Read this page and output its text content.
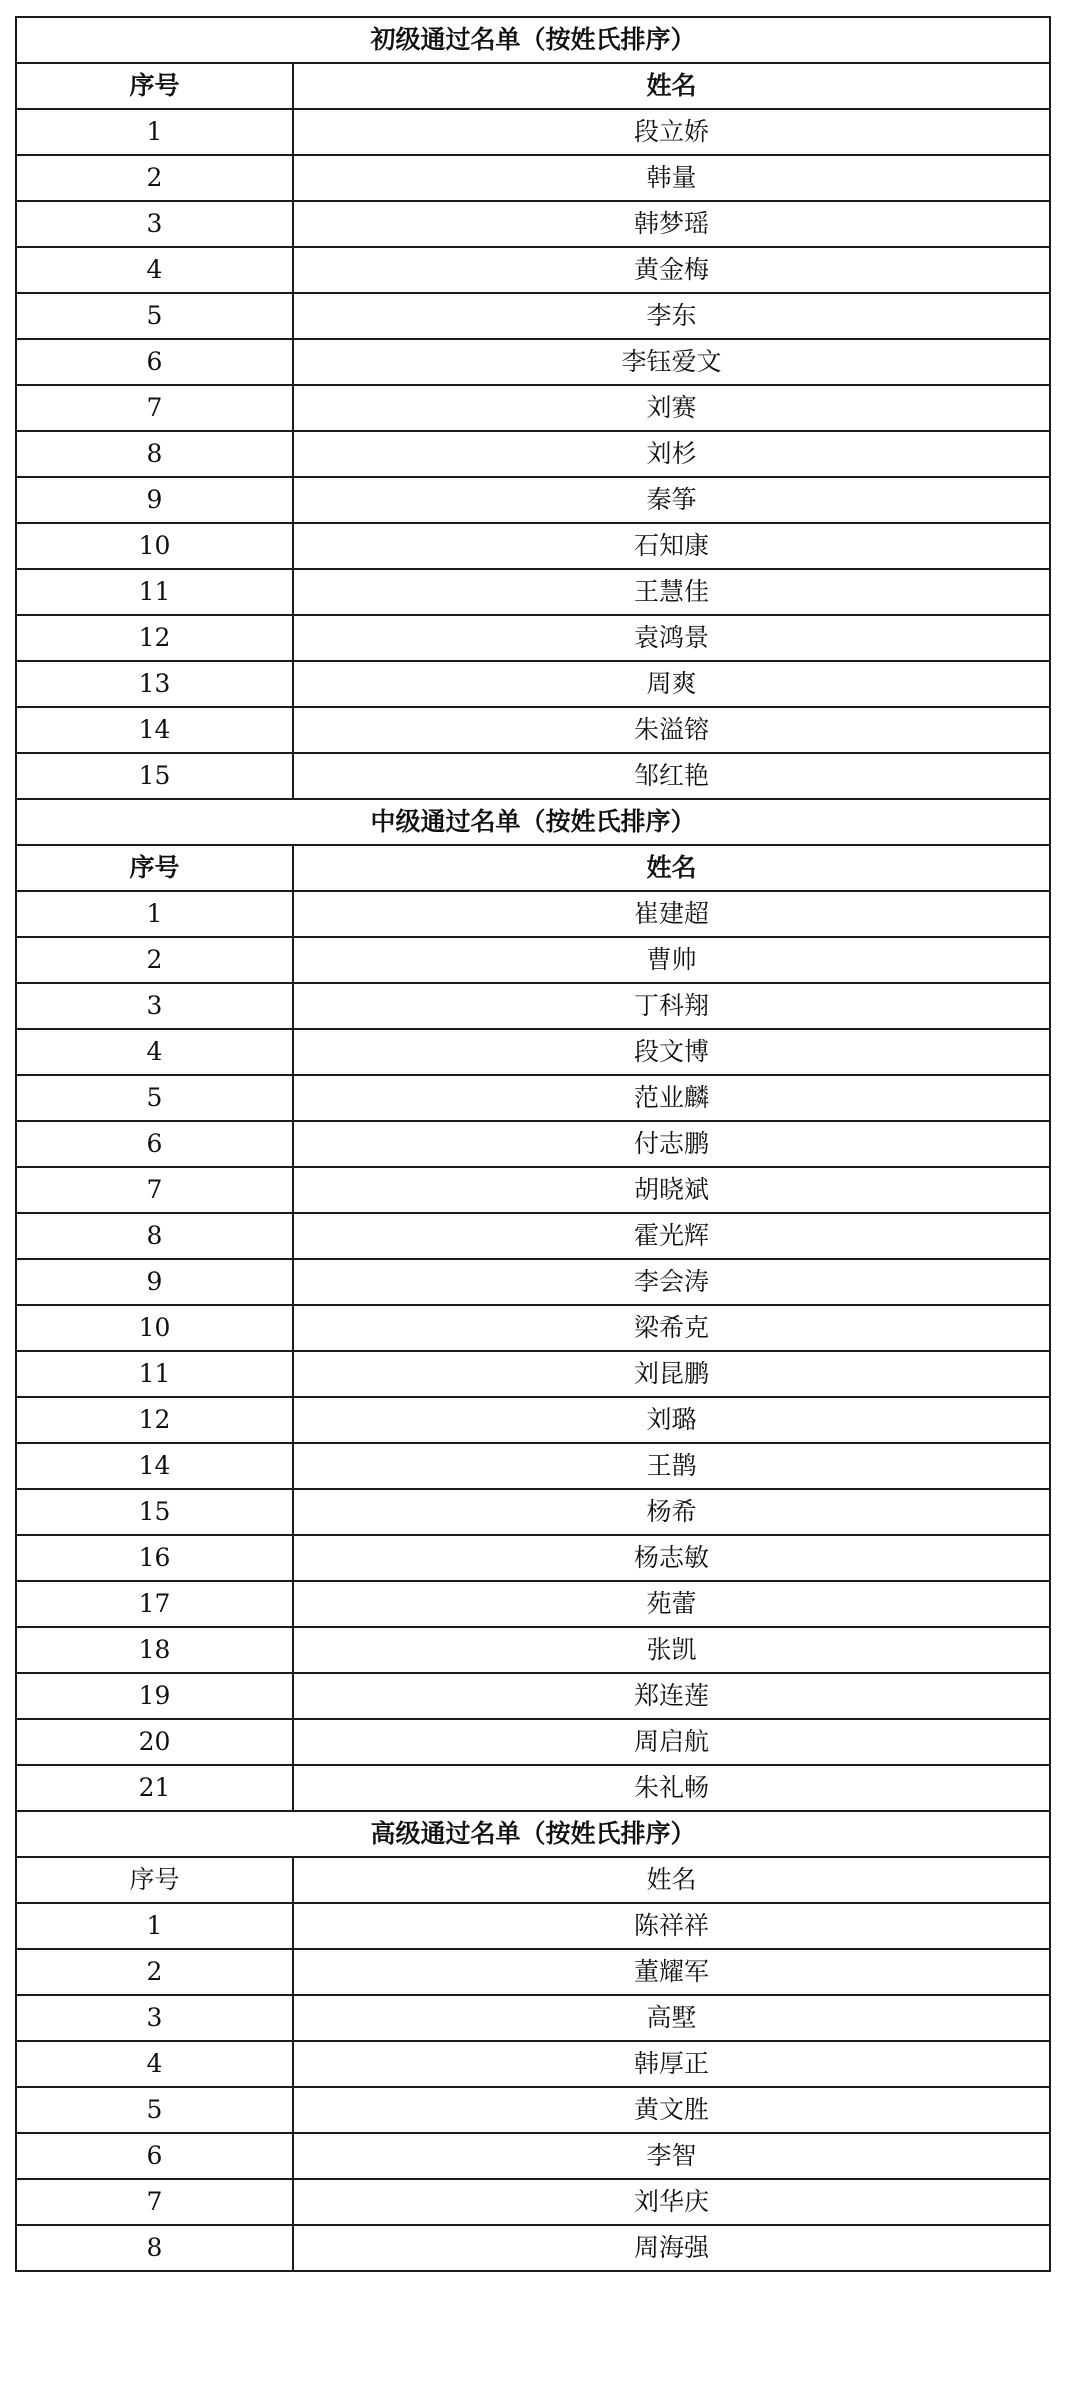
初级通过名单（按姓氏排序）	
序号	姓名
1	段立娇
2	韩量
3	韩梦瑶
4	黄金梅
5	李东
6	李钰爱文
7	刘赛
8	刘杉
9	秦筝
10	石知康
11	王慧佳
12	袁鸿景
13	周爽
14	朱溢镕
15	邹红艳
中级通过名单（按姓氏排序）	
序号	姓名
1	崔建超
2	曹帅
3	丁科翔
4	段文博
5	范业麟
6	付志鹏
7	胡晓斌
8	霍光辉
9	李会涛
10	梁希克
11	刘昆鹏
12	刘璐
14	王鹊
15	杨希
16	杨志敏
17	苑蕾
18	张凯
19	郑连莲
20	周启航
21	朱礼畅
高级通过名单（按姓氏排序）	
序号	姓名
1	陈祥祥
2	董耀军
3	高墅
4	韩厚正
5	黄文胜
6	李智
7	刘华庆
8	周海强
